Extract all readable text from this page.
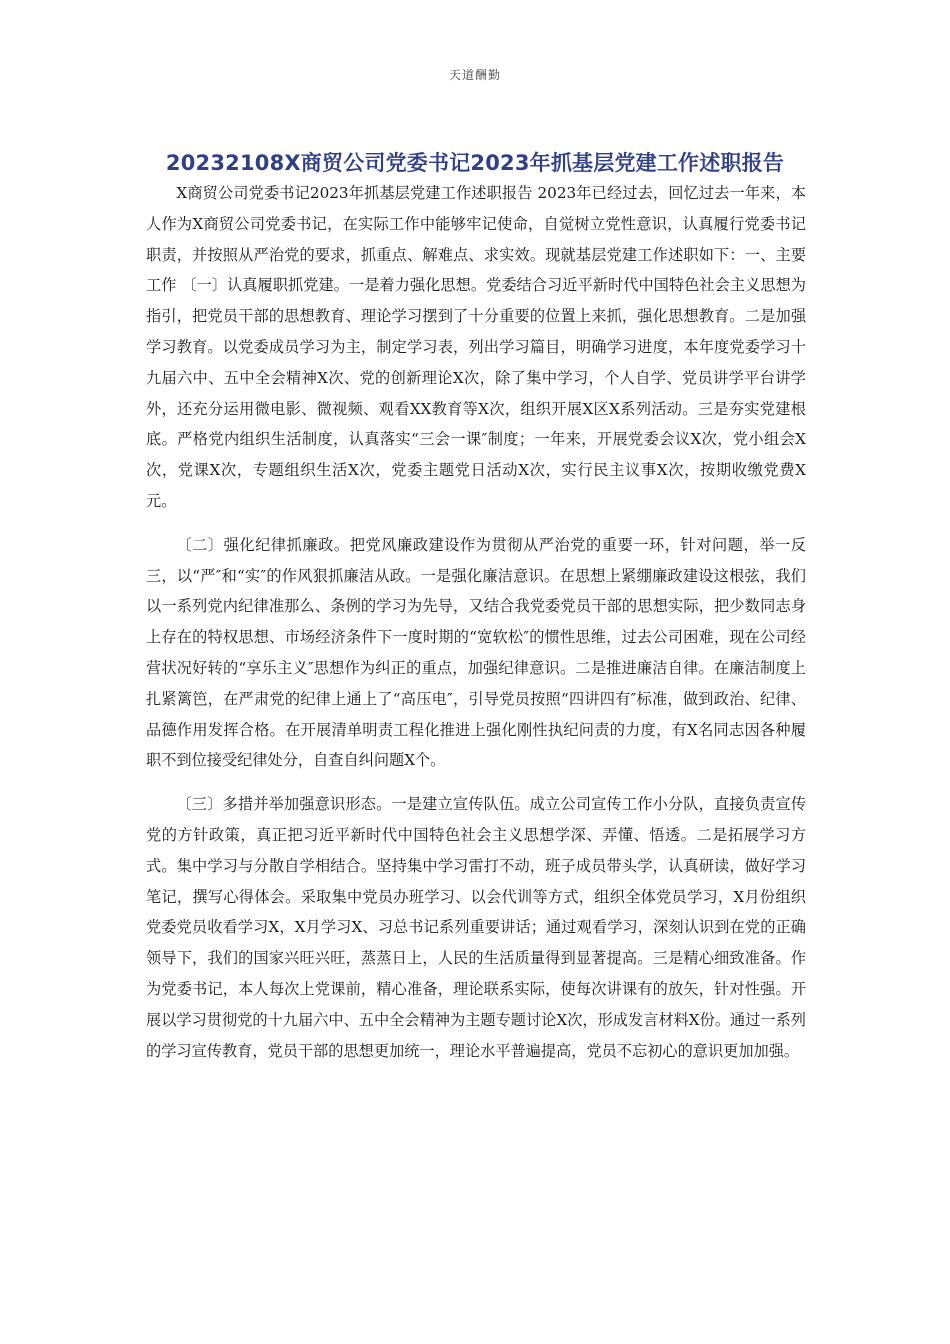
天道酬勤
20232108X商贸公司党委书记2023年抓基层党建工作述职报告

X商贸公司党委书记2023年抓基层党建工作述职报告 2023年已经过去，回忆过去一年来，本人作为X商贸公司党委书记，在实际工作中能够牢记使命，自觉树立党性意识，认真履行党委书记职责，并按照从严治党的要求，抓重点、解难点、求实效。现就基层党建工作述职如下：一、主要工作 〔一〕认真履职抓党建。一是着力强化思想。党委结合习近平新时代中国特色社会主义思想为指引，把党员干部的思想教育、理论学习摆到了十分重要的位置上来抓，强化思想教育。二是加强学习教育。以党委成员学习为主，制定学习表，列出学习篇目，明确学习进度，本年度党委学习十九届六中、五中全会精神X次、党的创新理论X次，除了集中学习，个人自学、党员讲学平台讲学外，还充分运用微电影、微视频、观看XX教育等X次，组织开展X区X系列活动。三是夯实党建根底。严格党内组织生活制度，认真落实“三会一课″制度；一年来，开展党委会议X次，党小组会X次，党课X次，专题组织生活X次，党委主题党日活动X次，实行民主议事X次，按期收缴党费X元。

〔二〕强化纪律抓廉政。把党风廉政建设作为贯彻从严治党的重要一环，针对问题，举一反三，以“严″和“实″的作风狠抓廉洁从政。一是强化廉洁意识。在思想上紧绷廉政建设这根弦，我们以一系列党内纪律准那么、条例的学习为先导，又结合我党委党员干部的思想实际，把少数同志身上存在的特权思想、市场经济条件下一度时期的“宽软松″的惯性思维，过去公司困难，现在公司经营状况好转的“享乐主义″思想作为纠正的重点，加强纪律意识。二是推进廉洁自律。在廉洁制度上扎紧篱笆，在严肃党的纪律上通上了“高压电″，引导党员按照“四讲四有″标准，做到政治、纪律、品德作用发挥合格。在开展清单明责工程化推进上强化刚性执纪问责的力度，有X名同志因各种履职不到位接受纪律处分，自查自纠问题X个。

〔三〕多措并举加强意识形态。一是建立宣传队伍。成立公司宣传工作小分队，直接负责宣传党的方针政策，真正把习近平新时代中国特色社会主义思想学深、弄懂、悟透。二是拓展学习方式。集中学习与分散自学相结合。坚持集中学习雷打不动，班子成员带头学，认真研读，做好学习笔记，撰写心得体会。采取集中党员办班学习、以会代训等方式，组织全体党员学习，X月份组织党委党员收看学习X，X月学习X、习总书记系列重要讲话；通过观看学习，深刻认识到在党的正确领导下，我们的国家兴旺兴旺，蒸蒸日上，人民的生活质量得到显著提高。三是精心细致准备。作为党委书记，本人每次上党课前，精心准备，理论联系实际，使每次讲课有的放矢，针对性强。开展以学习贯彻党的十九届六中、五中全会精神为主题专题讨论X次，形成发言材料X份。通过一系列的学习宣传教育，党员干部的思想更加统一，理论水平普遍提高，党员不忘初心的意识更加加强。
